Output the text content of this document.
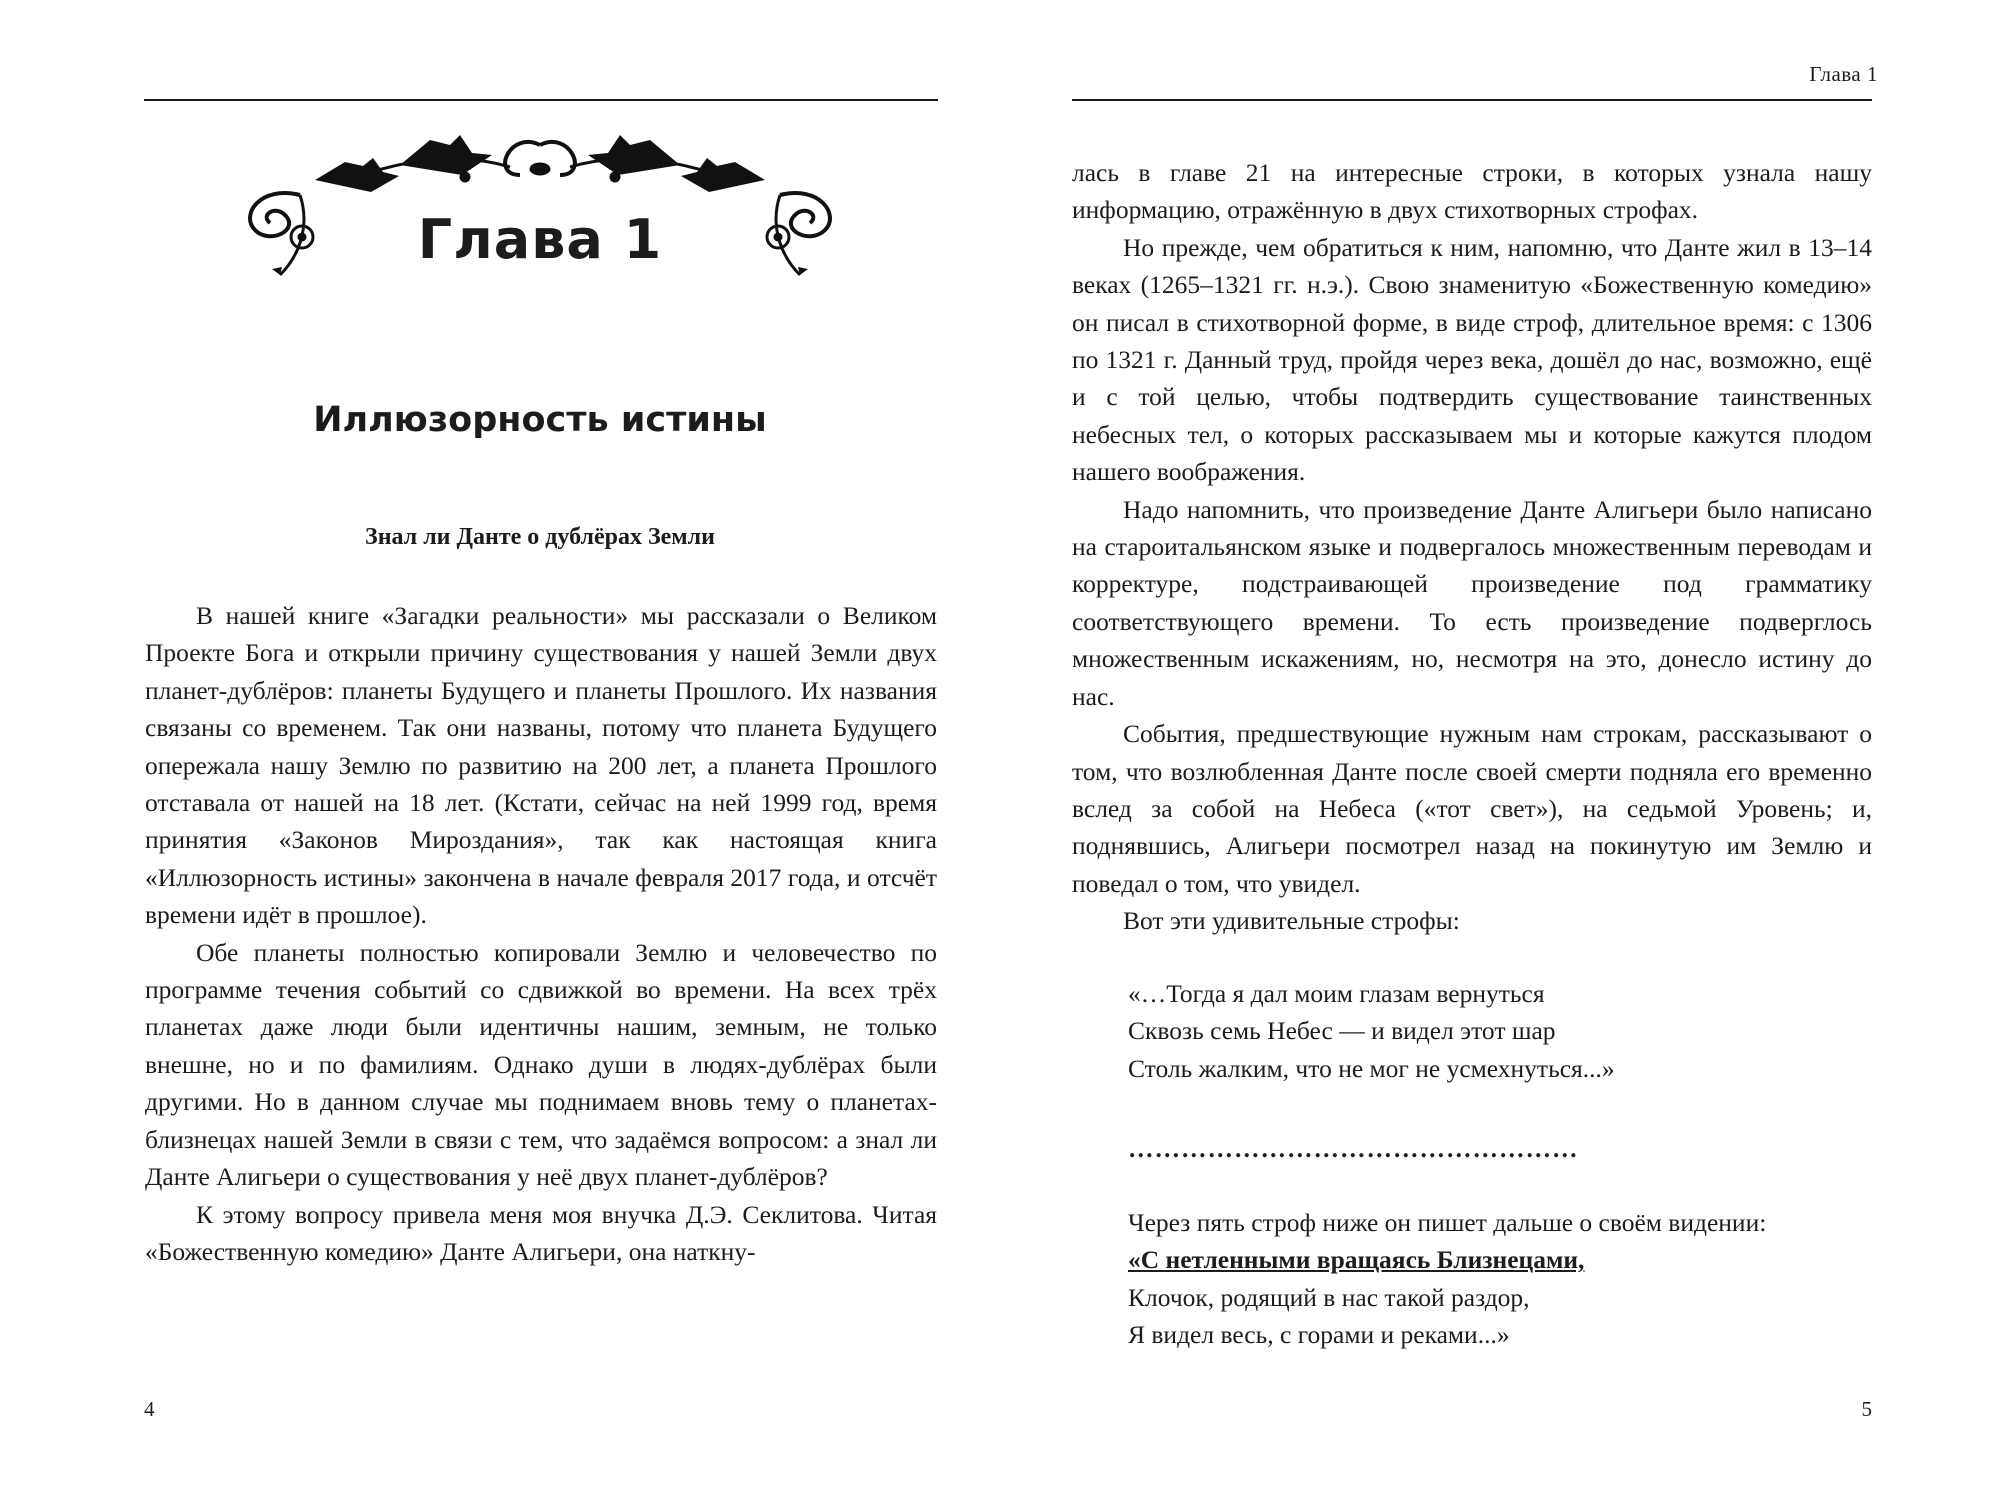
Глава 1
Иллюзорность истины
Знал ли Данте о дублёрах Земли

В нашей книге «Загадки реальности» мы рассказали о Великом Проекте Бога и открыли причину существования у нашей Земли двух планет-дублёров: планеты Будущего и планеты Прошлого. Их названия связаны со временем. Так они названы, потому что планета Будущего опережала нашу Землю по развитию на 200 лет, а планета Прошлого отставала от нашей на 18 лет. (Кстати, сейчас на ней 1999 год, время принятия «Законов Мироздания», так как настоящая книга «Иллюзорность истины» закончена в начале февраля 2017 года, и отсчёт времени идёт в прошлое).

Обе планеты полностью копировали Землю и человечество по программе течения событий со сдвижкой во времени. На всех трёх планетах даже люди были идентичны нашим, земным, не только внешне, но и по фамилиям. Однако души в людях-дублёрах были другими. Но в данном случае мы поднимаем вновь тему о планетах-близнецах нашей Земли в связи с тем, что задаёмся вопросом: а знал ли Данте Алигьери о существования у неё двух планет-дублёров?

К этому вопросу привела меня моя внучка Д.Э. Секлитова. Читая «Божественную комедию» Данте Алигьери, она наткну-

4
Глава 1

лась в главе 21 на интересные строки, в которых узнала нашу информацию, отражённую в двух стихотворных строфах.

Но прежде, чем обратиться к ним, напомню, что Данте жил в 13–14 веках (1265–1321 гг. н.э.). Свою знаменитую «Божественную комедию» он писал в стихотворной форме, в виде строф, длительное время: с 1306 по 1321 г. Данный труд, пройдя через века, дошёл до нас, возможно, ещё и с той целью, чтобы подтвердить существование таинственных небесных тел, о которых рассказываем мы и которые кажутся плодом нашего воображения.

Надо напомнить, что произведение Данте Алигьери было написано на староитальянском языке и подвергалось множественным переводам и корректуре, подстраивающей произведение под грамматику соответствующего времени. То есть произведение подверглось множественным искажениям, но, несмотря на это, донесло истину до нас.

События, предшествующие нужным нам строкам, рассказывают о том, что возлюбленная Данте после своей смерти подняла его временно вслед за собой на Небеса («тот свет»), на седьмой Уровень; и, поднявшись, Алигьери посмотрел назад на покинутую им Землю и поведал о том, что увидел.

Вот эти удивительные строфы:

«…Тогда я дал моим глазам вернуться
Сквозь семь Небес — и видел этот шар
Столь жалким, что не мог не усмехнуться...»
……………………………………………
Через пять строф ниже он пишет дальше о своём видении:
«С нетленными вращаясь Близнецами,
Клочок, родящий в нас такой раздор,
Я видел весь, с горами и реками...»
5
